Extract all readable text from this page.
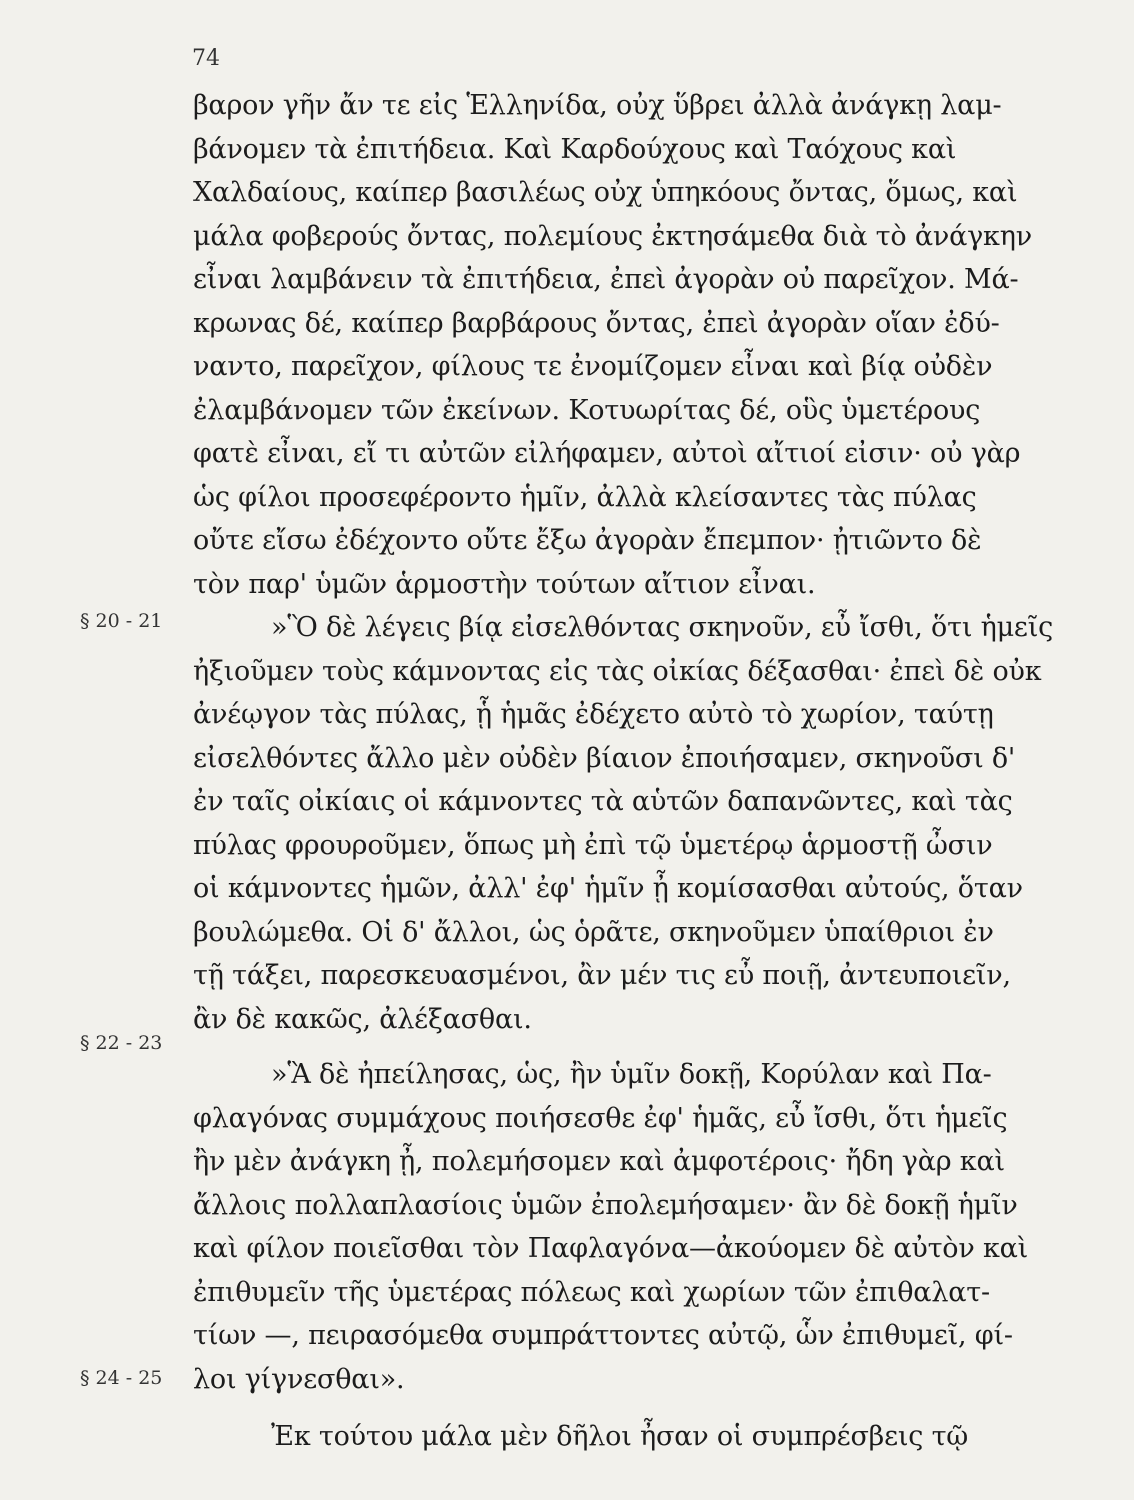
74
§ 20 - 21
§ 22 - 23
§ 24 - 25
βαρον γῆν ἄν τε εἰς Ἑλληνίδα, οὐχ ὕβρει ἀλλὰ ἀνάγκῃ λαμ-
βάνομεν τὰ ἐπιτήδεια. Καὶ Καρδούχους καὶ Ταόχους καὶ
Χαλδαίους, καίπερ βασιλέως οὐχ ὑπηκόους ὄντας, ὅμως, καὶ
μάλα φοβερούς ὄντας, πολεμίους ἐκτησάμεθα διὰ τὸ ἀνάγκην
εἶναι λαμβάνειν τὰ ἐπιτήδεια, ἐπεὶ ἀγορὰν οὐ παρεῖχον. Μά-
κρωνας δέ, καίπερ βαρβάρους ὄντας, ἐπεὶ ἀγορὰν οἵαν ἐδύ-
ναντο, παρεῖχον, φίλους τε ἐνομίζομεν εἶναι καὶ βίᾳ οὐδὲν
ἐλαμβάνομεν τῶν ἐκείνων. Κοτυωρίτας δέ, οὓς ὑμετέρους
φατὲ εἶναι, εἴ τι αὐτῶν εἰλήφαμεν, αὐτοὶ αἴτιοί εἰσιν· οὐ γὰρ
ὡς φίλοι προσεφέροντο ἡμῖν, ἀλλὰ κλείσαντες τὰς πύλας
οὔτε εἴσω ἐδέχοντο οὔτε ἔξω ἀγορὰν ἔπεμπον· ᾐτιῶντο δὲ
τὸν παρ' ὑμῶν ἁρμοστὴν τούτων αἴτιον εἶναι.
»Ὃ δὲ λέγεις βίᾳ εἰσελθόντας σκηνοῦν, εὖ ἴσθι, ὅτι ἡμεῖς
ἠξιοῦμεν τοὺς κάμνοντας εἰς τὰς οἰκίας δέξασθαι· ἐπεὶ δὲ οὐκ
ἀνέῳγον τὰς πύλας, ᾗ ἡμᾶς ἐδέχετο αὐτὸ τὸ χωρίον, ταύτῃ
εἰσελθόντες ἄλλο μὲν οὐδὲν βίαιον ἐποιήσαμεν, σκηνοῦσι δ'
ἐν ταῖς οἰκίαις οἱ κάμνοντες τὰ αὑτῶν δαπανῶντες, καὶ τὰς
πύλας φρουροῦμεν, ὅπως μὴ ἐπὶ τῷ ὑμετέρῳ ἁρμοστῇ ὦσιν
οἱ κάμνοντες ἡμῶν, ἀλλ' ἐφ' ἡμῖν ᾖ κομίσασθαι αὐτούς, ὅταν
βουλώμεθα. Οἱ δ' ἄλλοι, ὡς ὁρᾶτε, σκηνοῦμεν ὑπαίθριοι ἐν
τῇ τάξει, παρεσκευασμένοι, ἂν μέν τις εὖ ποιῇ, ἀντευποιεῖν,
ἂν δὲ κακῶς, ἀλέξασθαι.
»Ἃ δὲ ἠπείλησας, ὡς, ἢν ὑμῖν δοκῇ, Κορύλαν καὶ Πα-
φλαγόνας συμμάχους ποιήσεσθε ἐφ' ἡμᾶς, εὖ ἴσθι, ὅτι ἡμεῖς
ἢν μὲν ἀνάγκη ᾖ, πολεμήσομεν καὶ ἀμφοτέροις· ἤδη γὰρ καὶ
ἄλλοις πολλαπλασίοις ὑμῶν ἐπολεμήσαμεν· ἂν δὲ δοκῇ ἡμῖν
καὶ φίλον ποιεῖσθαι τὸν Παφλαγόνα—ἀκούομεν δὲ αὐτὸν καὶ
ἐπιθυμεῖν τῆς ὑμετέρας πόλεως καὶ χωρίων τῶν ἐπιθαλατ-
τίων —, πειρασόμεθα συμπράττοντες αὐτῷ, ὧν ἐπιθυμεῖ, φί-
λοι γίγνεσθαι».
Ἐκ τούτου μάλα μὲν δῆλοι ἦσαν οἱ συμπρέσβεις τῷ
